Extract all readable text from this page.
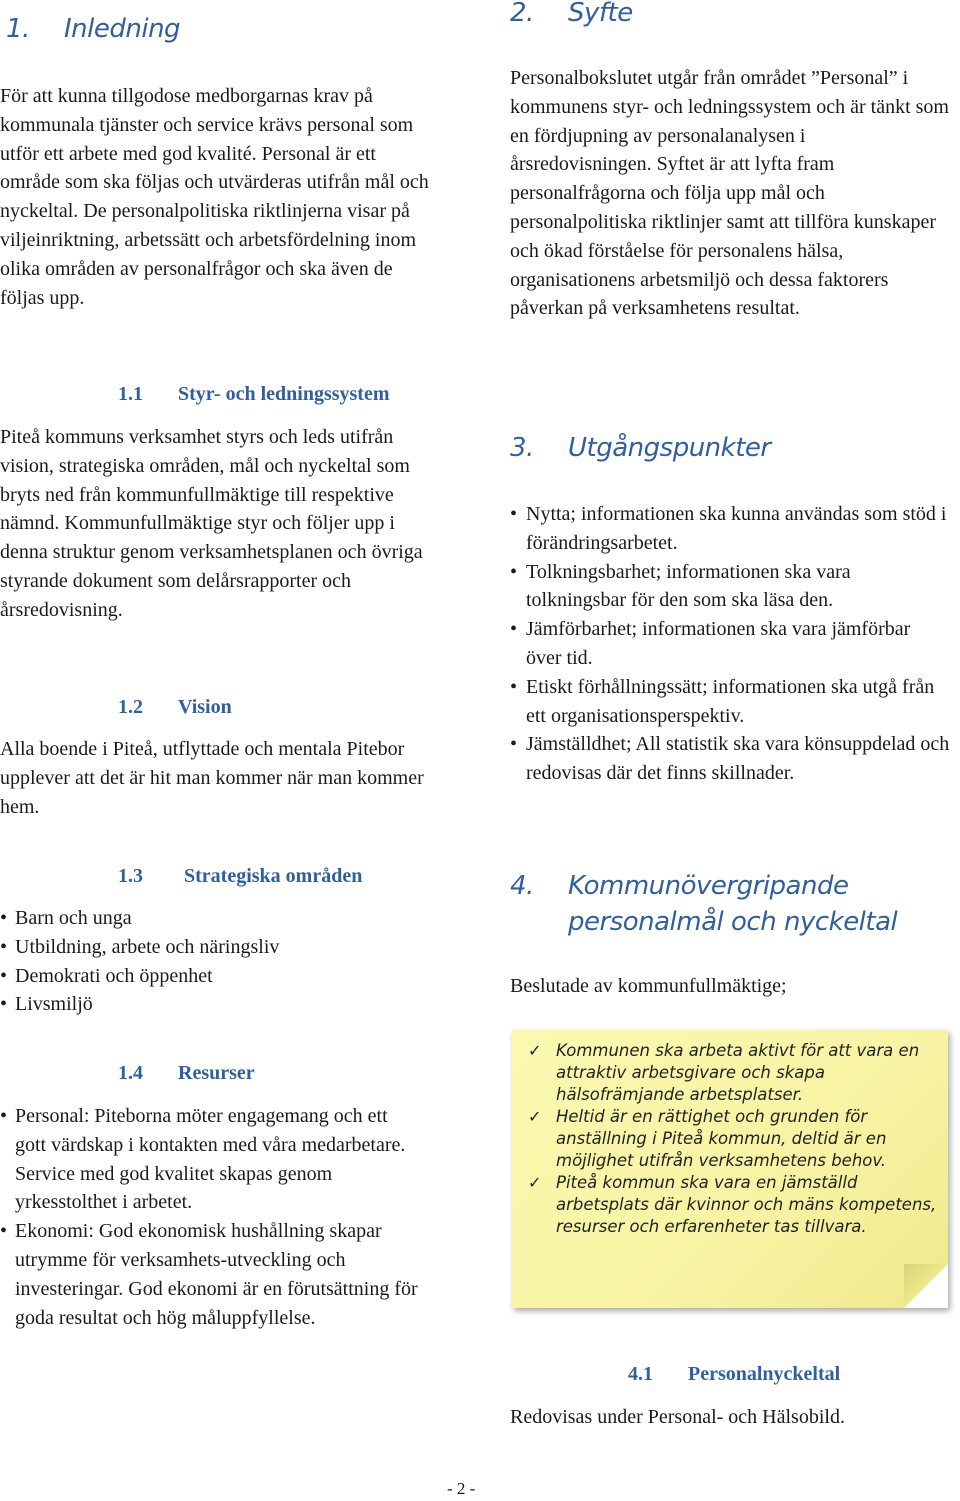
1. Inledning
För att kunna tillgodose medborgarnas krav på kommunala tjänster och service krävs personal som utför ett arbete med god kvalité. Personal är ett område som ska följas och utvärderas utifrån mål och nyckeltal. De personalpolitiska riktlinjerna visar på viljeinriktning, arbetssätt och arbetsfördelning inom olika områden av personalfrågor och ska även de följas upp.
1.1 Styr- och ledningssystem
Piteå kommuns verksamhet styrs och leds utifrån vision, strategiska områden, mål och nyckeltal som bryts ned från kommunfullmäktige till respektive nämnd. Kommunfullmäktige styr och följer upp i denna struktur genom verksamhetsplanen och övriga styrande dokument som delårsrapporter och årsredovisning.
1.2 Vision
Alla boende i Piteå, utflyttade och mentala Pitebor upplever att det är hit man kommer när man kommer hem.
1.3 Strategiska områden
• Barn och unga
• Utbildning, arbete och näringsliv
• Demokrati och öppenhet
• Livsmiljö
1.4 Resurser
• Personal: Piteborna möter engagemang och ett gott värdskap i kontakten med våra medarbetare. Service med god kvalitet skapas genom yrkesstolthet i arbetet.
• Ekonomi: God ekonomisk hushållning skapar utrymme för verksamhets-utveckling och investeringar. God ekonomi är en förutsättning för goda resultat och hög måluppfyllelse.
2. Syfte
Personalbokslutet utgår från området ”Personal” i kommunens styr- och ledningssystem och är tänkt som en fördjupning av personalanalysen i årsredovisningen. Syftet är att lyfta fram personalfrågorna och följa upp mål och personalpolitiska riktlinjer samt att tillföra kunskaper och ökad förståelse för personalens hälsa, organisationens arbetsmiljö och dessa faktorers påverkan på verksamhetens resultat.
3. Utgångspunkter
• Nytta; informationen ska kunna användas som stöd i förändringsarbetet.
• Tolkningsbarhet; informationen ska vara tolkningsbar för den som ska läsa den.
• Jämförbarhet; informationen ska vara jämförbar över tid.
• Etiskt förhållningssätt; informationen ska utgå från ett organisationsperspektiv.
• Jämställdhet; All statistik ska vara könsuppdelad och redovisas där det finns skillnader.
4. Kommunövergripande
personalmål och nyckeltal
Beslutade av kommunfullmäktige;
✓ Kommunen ska arbeta aktivt för att vara en attraktiv arbetsgivare och skapa hälsofrämjande arbetsplatser.
✓ Heltid är en rättighet och grunden för anställning i Piteå kommun, deltid är en möjlighet utifrån verksamhetens behov.
✓ Piteå kommun ska vara en jämställd arbetsplats där kvinnor och mäns kompetens, resurser och erfarenheter tas tillvara.
4.1 Personalnyckeltal
Redovisas under Personal- och Hälsobild.
- 2 -
